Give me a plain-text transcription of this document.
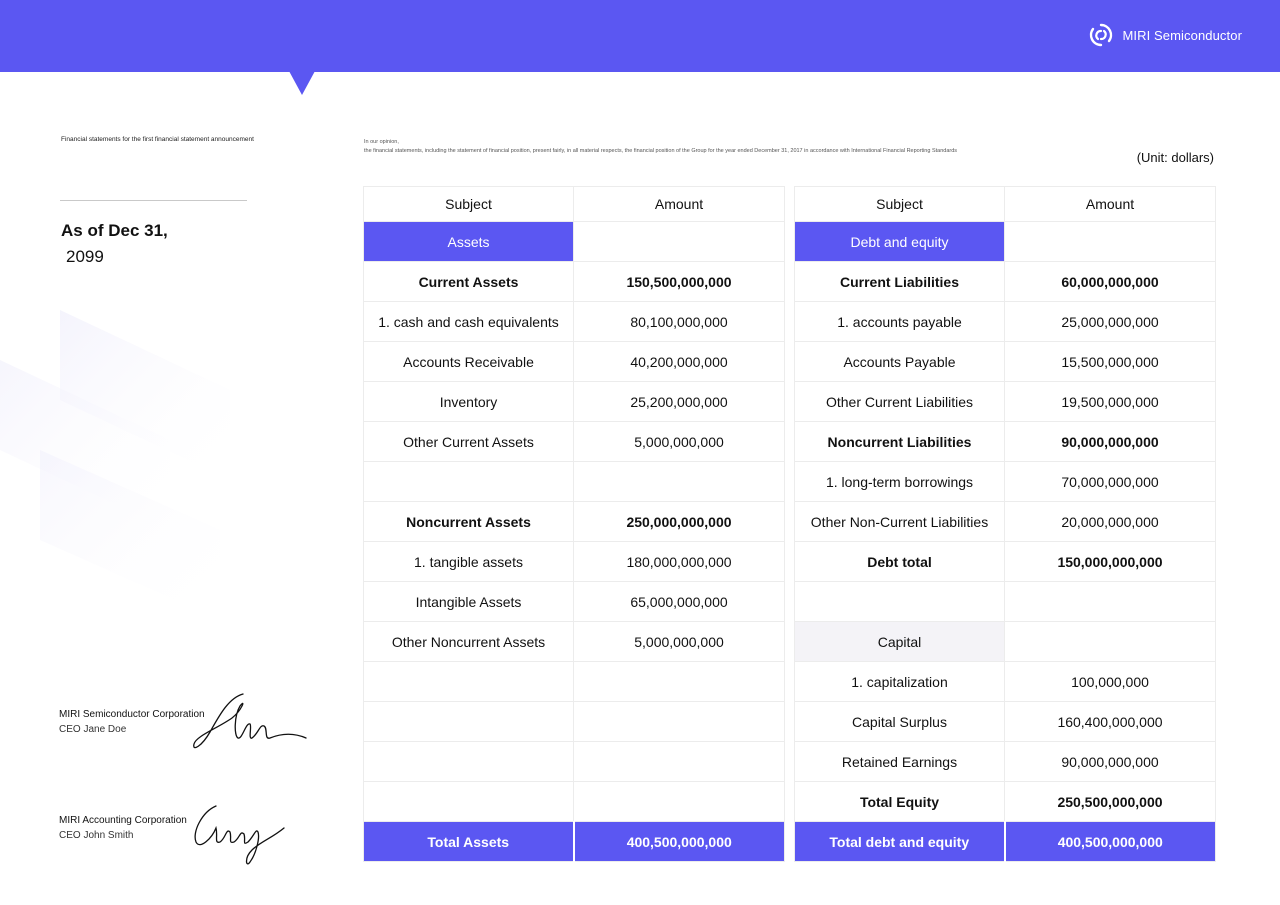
MIRI Semiconductor
Financial statements for the first financial statement announcement
As of Dec 31,
2099
In our opinion,
the financial statements, including the statement of financial position, present fairly, in all material respects, the financial position of the Group for the year ended December 31, 2017 in accordance with International Financial Reporting Standards	(Unit: dollars)
MIRI Semiconductor Corporation
CEO Jane Doe
MIRI Accounting Corporation
CEO John Smith
Subject	Amount
Assets	
Current Assets	150,500,000,000
1. cash and cash equivalents	80,100,000,000
Accounts Receivable	40,200,000,000
Inventory	25,200,000,000
Other Current Assets	5,000,000,000

Noncurrent Assets	250,000,000,000
1. tangible assets	180,000,000,000
Intangible Assets	65,000,000,000
Other Noncurrent Assets	5,000,000,000

Total Assets	400,500,000,000
Subject	Amount
Debt and equity	
Current Liabilities	60,000,000,000
1. accounts payable	25,000,000,000
Accounts Payable	15,500,000,000
Other Current Liabilities	19,500,000,000
Noncurrent Liabilities	90,000,000,000
1. long-term borrowings	70,000,000,000
Other Non-Current Liabilities	20,000,000,000
Debt total	150,000,000,000

Capital	
1. capitalization	100,000,000
Capital Surplus	160,400,000,000
Retained Earnings	90,000,000,000
Total Equity	250,500,000,000
Total debt and equity	400,500,000,000
